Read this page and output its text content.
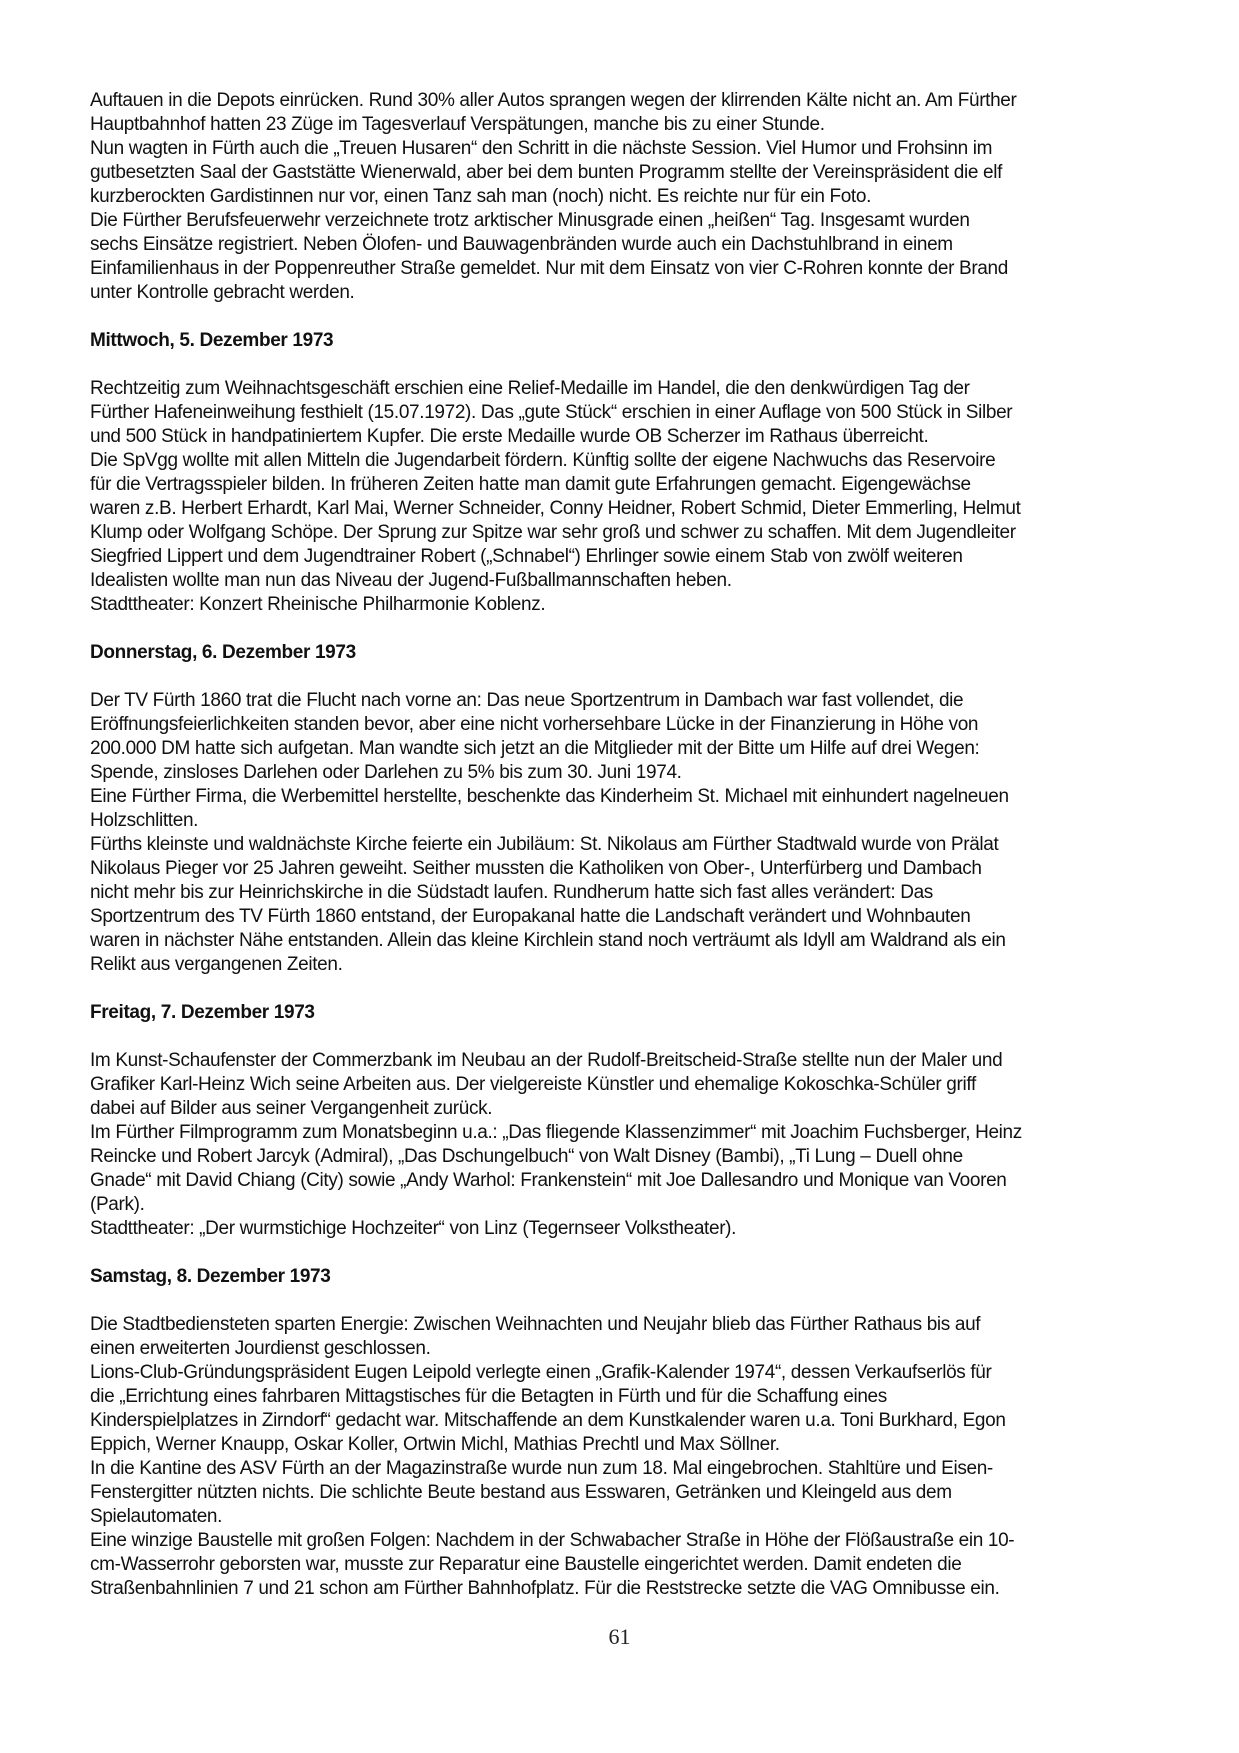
Auftauen in die Depots einrücken. Rund 30% aller Autos sprangen wegen der klirrenden Kälte nicht an. Am Fürther
Hauptbahnhof hatten 23 Züge im Tagesverlauf Verspätungen, manche bis zu einer Stunde.
Nun wagten in Fürth auch die „Treuen Husaren“ den Schritt in die nächste Session. Viel Humor und Frohsinn im
gutbesetzten Saal der Gaststätte Wienerwald, aber bei dem bunten Programm stellte der Vereinspräsident die elf
kurzberockten Gardistinnen nur vor, einen Tanz sah man (noch) nicht. Es reichte nur für ein Foto.
Die Fürther Berufsfeuerwehr verzeichnete trotz arktischer Minusgrade einen „heißen“ Tag. Insgesamt wurden
sechs Einsätze registriert. Neben Ölofen- und Bauwagenbränden wurde auch ein Dachstuhlbrand in einem
Einfamilienhaus in der Poppenreuther Straße gemeldet. Nur mit dem Einsatz von vier C-Rohren konnte der Brand
unter Kontrolle gebracht werden.
Mittwoch, 5. Dezember 1973
Rechtzeitig zum Weihnachtsgeschäft erschien eine Relief-Medaille im Handel, die den denkwürdigen Tag der
Fürther Hafeneinweihung festhielt (15.07.1972). Das „gute Stück“ erschien in einer Auflage von 500 Stück in Silber
und 500 Stück in handpatiniertem Kupfer. Die erste Medaille wurde OB Scherzer im Rathaus überreicht.
Die SpVgg wollte mit allen Mitteln die Jugendarbeit fördern. Künftig sollte der eigene Nachwuchs das Reservoire
für die Vertragsspieler bilden. In früheren Zeiten hatte man damit gute Erfahrungen gemacht. Eigengewächse
waren z.B. Herbert Erhardt, Karl Mai, Werner Schneider, Conny Heidner, Robert Schmid, Dieter Emmerling, Helmut
Klump oder Wolfgang Schöpe. Der Sprung zur Spitze war sehr groß und schwer zu schaffen. Mit dem Jugendleiter
Siegfried Lippert und dem Jugendtrainer Robert („Schnabel“) Ehrlinger sowie einem Stab von zwölf weiteren
Idealisten wollte man nun das Niveau der Jugend-Fußballmannschaften heben.
Stadttheater: Konzert Rheinische Philharmonie Koblenz.
Donnerstag, 6. Dezember 1973
Der TV Fürth 1860 trat die Flucht nach vorne an: Das neue Sportzentrum in Dambach war fast vollendet, die
Eröffnungsfeierlichkeiten standen bevor, aber eine nicht vorhersehbare Lücke in der Finanzierung in Höhe von
200.000 DM hatte sich aufgetan. Man wandte sich jetzt an die Mitglieder mit der Bitte um Hilfe auf drei Wegen:
Spende, zinsloses Darlehen oder Darlehen zu 5% bis zum 30. Juni 1974.
Eine Fürther Firma, die Werbemittel herstellte, beschenkte das Kinderheim St. Michael mit einhundert nagelneuen
Holzschlitten.
Fürths kleinste und waldnächste Kirche feierte ein Jubiläum: St. Nikolaus am Fürther Stadtwald wurde von Prälat
Nikolaus Pieger vor 25 Jahren geweiht. Seither mussten die Katholiken von Ober-, Unterfürberg und Dambach
nicht mehr bis zur Heinrichskirche in die Südstadt laufen. Rundherum hatte sich fast alles verändert: Das
Sportzentrum des TV Fürth 1860 entstand, der Europakanal hatte die Landschaft verändert und Wohnbauten
waren in nächster Nähe entstanden. Allein das kleine Kirchlein stand noch verträumt als Idyll am Waldrand als ein
Relikt aus vergangenen Zeiten.
Freitag, 7. Dezember 1973
Im Kunst-Schaufenster der Commerzbank im Neubau an der Rudolf-Breitscheid-Straße stellte nun der Maler und
Grafiker Karl-Heinz Wich seine Arbeiten aus. Der vielgereiste Künstler und ehemalige Kokoschka-Schüler griff
dabei auf Bilder aus seiner Vergangenheit zurück.
Im Fürther Filmprogramm zum Monatsbeginn u.a.: „Das fliegende Klassenzimmer“ mit Joachim Fuchsberger, Heinz
Reincke und Robert Jarcyk (Admiral), „Das Dschungelbuch“ von Walt Disney (Bambi), „Ti Lung – Duell ohne
Gnade“ mit David Chiang (City) sowie „Andy Warhol: Frankenstein“ mit Joe Dallesandro und Monique van Vooren
(Park).
Stadttheater: „Der wurmstichige Hochzeiter“ von Linz (Tegernseer Volkstheater).
Samstag, 8. Dezember 1973
Die Stadtbediensteten sparten Energie: Zwischen Weihnachten und Neujahr blieb das Fürther Rathaus bis auf
einen erweiterten Jourdienst geschlossen.
Lions-Club-Gründungspräsident Eugen Leipold verlegte einen „Grafik-Kalender 1974“, dessen Verkaufserlös für
die „Errichtung eines fahrbaren Mittagstisches für die Betagten in Fürth und für die Schaffung eines
Kinderspielplatzes in Zirndorf“ gedacht war. Mitschaffende an dem Kunstkalender waren u.a. Toni Burkhard, Egon
Eppich, Werner Knaupp, Oskar Koller, Ortwin Michl, Mathias Prechtl und Max Söllner.
In die Kantine des ASV Fürth an der Magazinstraße wurde nun zum 18. Mal eingebrochen. Stahltüre und Eisen-
Fenstergitter nützten nichts. Die schlichte Beute bestand aus Esswaren, Getränken und Kleingeld aus dem
Spielautomaten.
Eine winzige Baustelle mit großen Folgen: Nachdem in der Schwabacher Straße in Höhe der Flößaustraße ein 10-
cm-Wasserrohr geborsten war, musste zur Reparatur eine Baustelle eingerichtet werden. Damit endeten die
Straßenbahnlinien 7 und 21 schon am Fürther Bahnhofplatz. Für die Reststrecke setzte die VAG Omnibusse ein.
61
